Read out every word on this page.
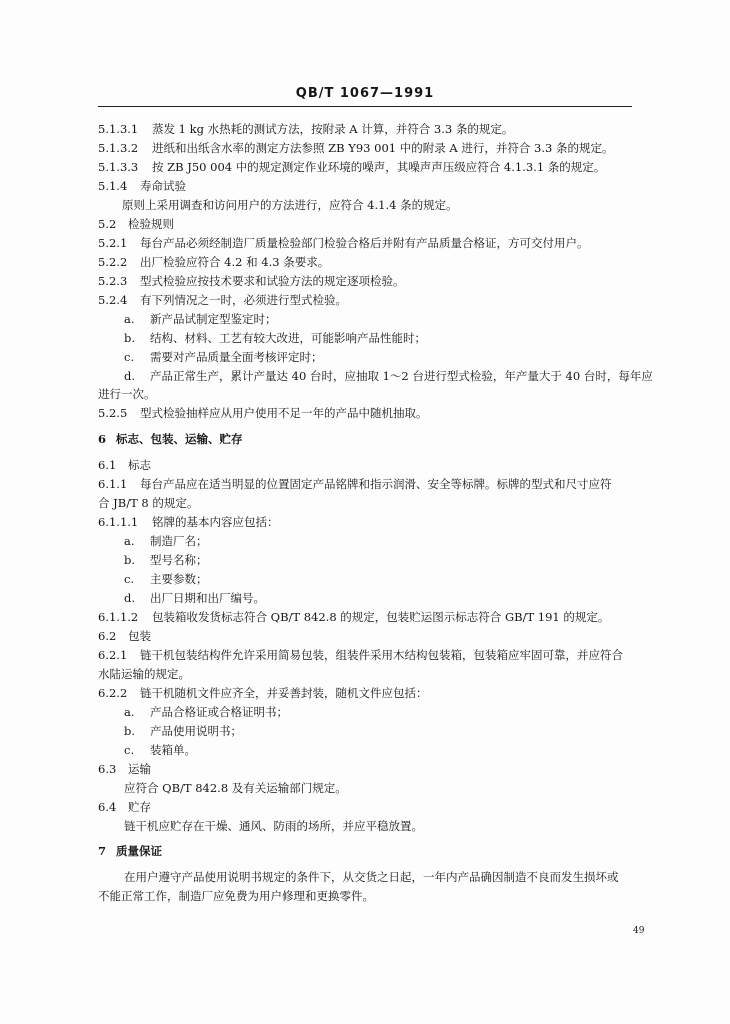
QB/T 1067—1991
5.1.3.1 蒸发 1 kg 水热耗的测试方法，按附录 A 计算，并符合 3.3 条的规定。
5.1.3.2 进纸和出纸含水率的测定方法参照 ZB Y93 001 中的附录 A 进行，并符合 3.3 条的规定。
5.1.3.3 按 ZB J50 004 中的规定测定作业环境的噪声，其噪声声压级应符合 4.1.3.1 条的规定。
5.1.4 寿命试验
原则上采用调查和访问用户的方法进行，应符合 4.1.4 条的规定。
5.2 检验规则
5.2.1 每台产品必须经制造厂质量检验部门检验合格后并附有产品质量合格证，方可交付用户。
5.2.2 出厂检验应符合 4.2 和 4.3 条要求。
5.2.3 型式检验应按技术要求和试验方法的规定逐项检验。
5.2.4 有下列情况之一时，必须进行型式检验。
a. 新产品试制定型鉴定时；
b. 结构、材料、工艺有较大改进，可能影响产品性能时；
c. 需要对产品质量全面考核评定时；
d. 产品正常生产，累计产量达 40 台时，应抽取 1～2 台进行型式检验，年产量大于 40 台时，每年应
进行一次。
5.2.5 型式检验抽样应从用户使用不足一年的产品中随机抽取。
6 标志、包装、运输、贮存
6.1 标志
6.1.1 每台产品应在适当明显的位置固定产品铭牌和指示润滑、安全等标牌。标牌的型式和尺寸应符
合 JB/T 8 的规定。
6.1.1.1 铭牌的基本内容应包括：
a. 制造厂名；
b. 型号名称；
c. 主要参数；
d. 出厂日期和出厂编号。
6.1.1.2 包装箱收发货标志符合 QB/T 842.8 的规定，包装贮运图示标志符合 GB/T 191 的规定。
6.2 包装
6.2.1 链干机包装结构件允许采用简易包装，组装件采用木结构包装箱，包装箱应牢固可靠，并应符合
水陆运输的规定。
6.2.2 链干机随机文件应齐全，并妥善封装，随机文件应包括：
a. 产品合格证或合格证明书；
b. 产品使用说明书；
c. 装箱单。
6.3 运输
应符合 QB/T 842.8 及有关运输部门规定。
6.4 贮存
链干机应贮存在干燥、通风、防雨的场所，并应平稳放置。
7 质量保证
在用户遵守产品使用说明书规定的条件下，从交货之日起，一年内产品确因制造不良而发生损坏或
不能正常工作，制造厂应免费为用户修理和更换零件。
49
